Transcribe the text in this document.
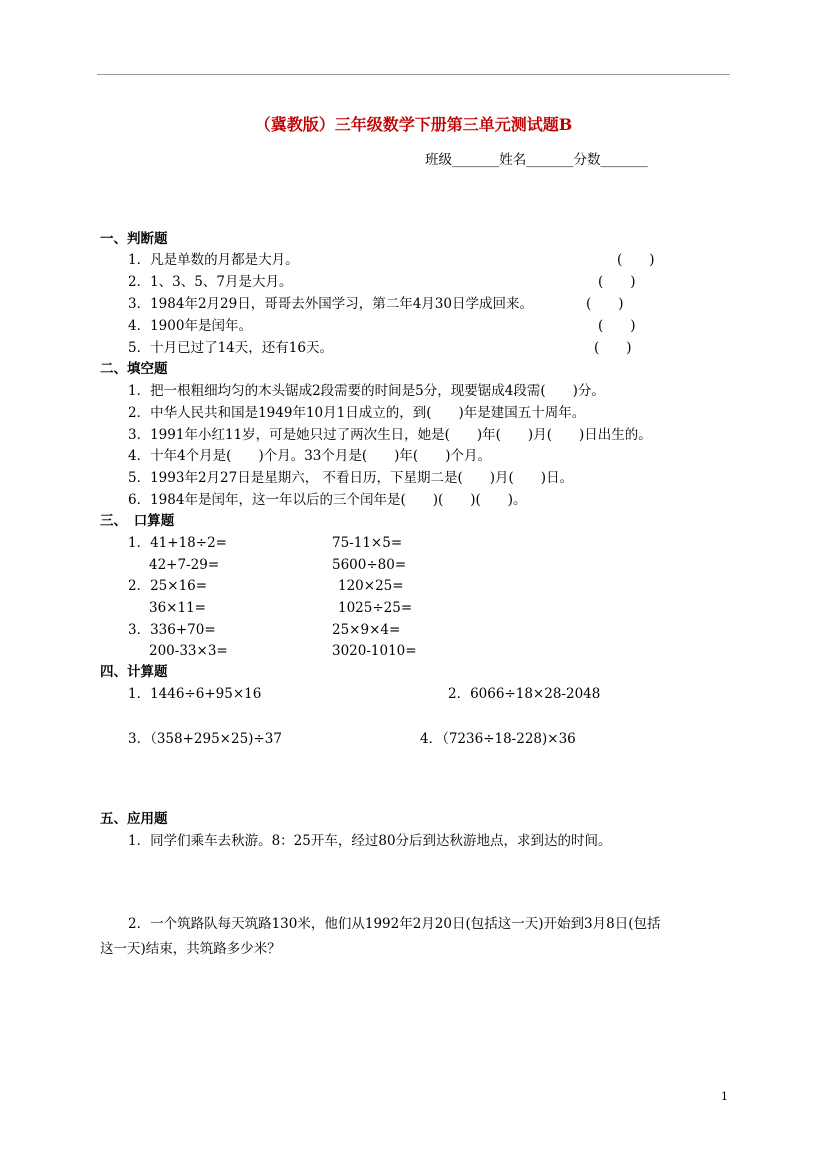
（冀教版）三年级数学下册第三单元测试题B
班级_______姓名_______分数_______
一、判断题
1．凡是单数的月都是大月。	(　　)
2．1、3、5、7月是大月。	(　　)
3．1984年2月29日，哥哥去外国学习，第二年4月30日学成回来。	(　　)
4．1900年是闰年。	(　　)
5．十月已过了14天，还有16天。	(　　)
二、填空题
1．把一根粗细均匀的木头锯成2段需要的时间是5分，现要锯成4段需(　　)分。
2．中华人民共和国是1949年10月1日成立的，到(　　)年是建国五十周年。
3．1991年小红11岁，可是她只过了两次生日，她是(　　)年(　　)月(　　)日出生的。
4．十年4个月是(　　)个月。33个月是(　　)年(　　)个月。
5．1993年2月27日是星期六， 不看日历，下星期二是(　　)月(　　)日。
6．1984年是闰年，这一年以后的三个闰年是(　　)(　　)(　　)。
三、　口算题
1．41+18÷2=	75-11×5=
42+7-29=	5600÷80=
2．25×16=	120×25=
36×11=	1025÷25=
3．336+70=	25×9×4=
200-33×3=	3020-1010=
四、计算题
1．1446÷6+95×16	2．6066÷18×28-2048
3．（358+295×25)÷37	4．（7236÷18-228)×36
五、应用题
1．同学们乘车去秋游。8：25开车，经过80分后到达秋游地点，求到达的时间。
2．一个筑路队每天筑路130米，他们从1992年2月20日(包括这一天)开始到3月8日(包括
这一天)结束，共筑路多少米？
1
